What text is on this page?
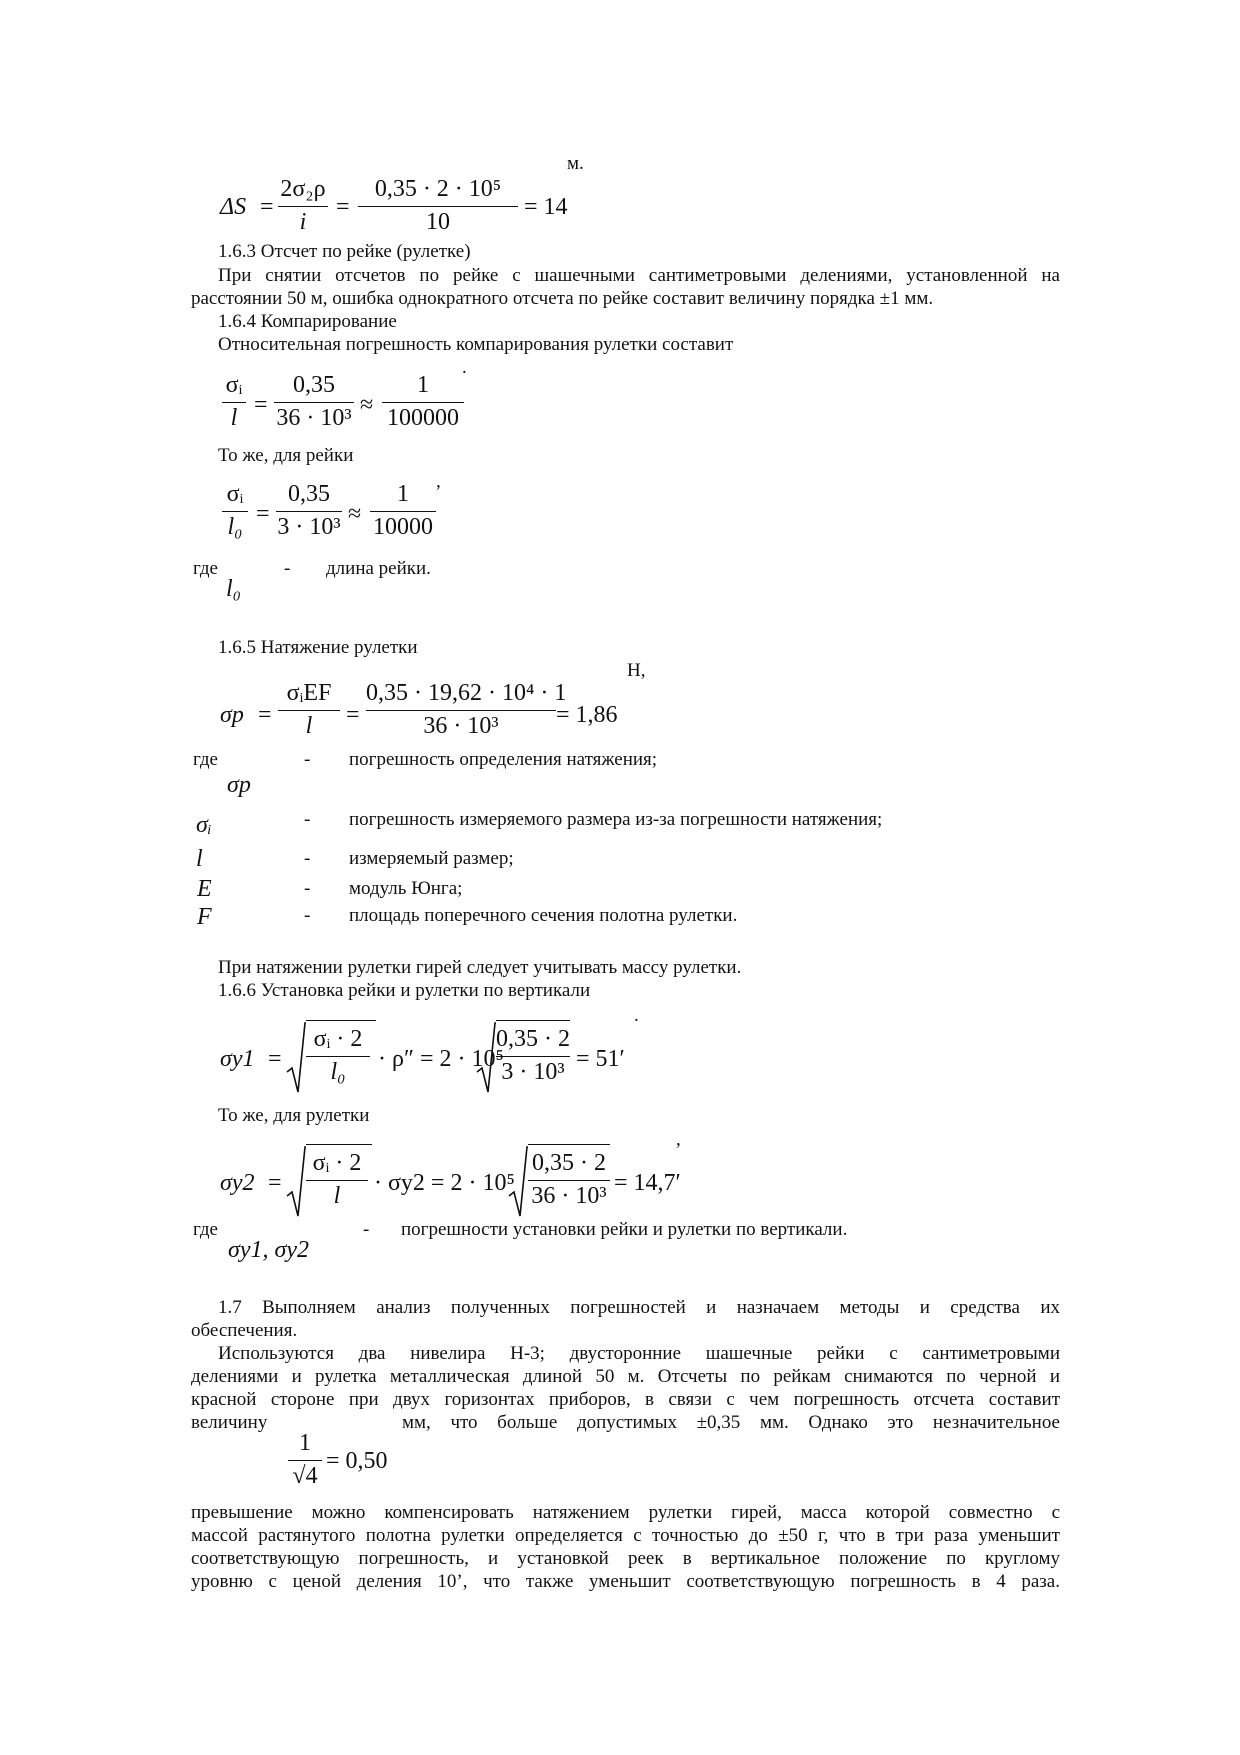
м.
ΔS =
2σ₂ρ
i
=
0,35 · 2 · 10⁵
10
= 14
1.6.3 Отсчет по рейке (рулетке)
При снятии отсчетов по рейке с шашечными сантиметровыми делениями, установленной на
расстоянии 50 м, ошибка однократного отсчета по рейке составит величину порядка ±1 мм.
1.6.4 Компарирование
Относительная погрешность компарирования рулетки составит
.
σᵢ
l =
0,35
36 · 10³ ≈
1
100000
То же, для рейки
,
σᵢ
l₀ =
0,35
3 · 10³ ≈
1
10000
где	- длина рейки.
l₀
1.6.5 Натяжение рулетки
Н,
σp =
σᵢEF
l	=
0,35 · 19,62 · 10⁴ · 1
36 · 10³	= 1,86
где	- погрешность определения натяжения;
σp
σᵢ	- погрешность измеряемого размера из-за погрешности натяжения;
l	- измеряемый размер;
E	- модуль Юнга;
F	- площадь поперечного сечения полотна рулетки.
При натяжении рулетки гирей следует учитывать массу рулетки.
1.6.6 Установка рейки и рулетки по вертикали
.
σy1 =
σᵢ · 2
l₀	· ρ″ = 2 · 10⁵
0,35 · 2
3 · 10³ = 51′
То же, для рулетки
,
σy2 =
σᵢ · 2
l	· σy2 = 2 · 10⁵
0,35 · 2
36 · 10³ = 14,7′
где	- погрешности установки рейки и рулетки по вертикали.
σy1, σy2
1.7 Выполняем анализ полученных погрешностей и назначаем методы и средства их
обеспечения.
Используются два нивелира Н-3; двусторонние шашечные рейки с сантиметровыми
делениями и рулетка металлическая длиной 50 м. Отсчеты по рейкам снимаются по черной и
красной стороне при двух горизонтах приборов, в связи с чем погрешность отсчета составит
величину	мм, что больше допустимых ±0,35 мм. Однако это незначительное
1
√4
= 0,50
превышение можно компенсировать натяжением рулетки гирей, масса которой совместно с
массой растянутого полотна рулетки определяется с точностью до ±50 г, что в три раза уменьшит
соответствующую погрешность, и установкой реек в вертикальное положение по круглому
уровню с ценой деления 10’, что также уменьшит соответствующую погрешность в 4 раза.
